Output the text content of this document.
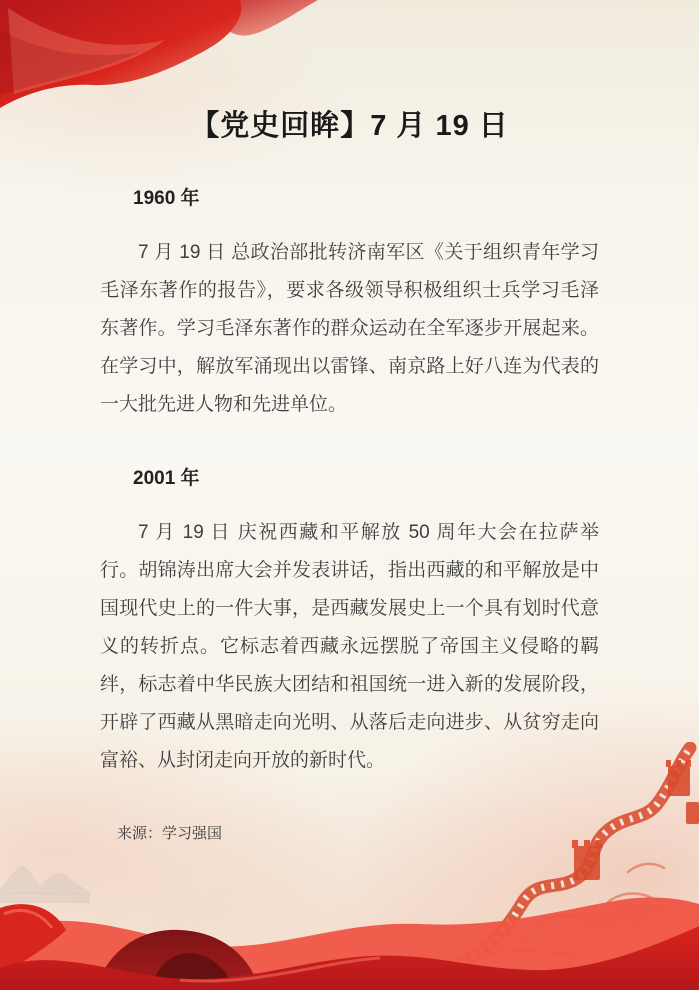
【党史回眸】7 月 19 日
1960 年
7 月 19 日 总政治部批转济南军区《关于组织青年学习毛泽东著作的报告》，要求各级领导积极组织士兵学习毛泽东著作。学习毛泽东著作的群众运动在全军逐步开展起来。在学习中，解放军涌现出以雷锋、南京路上好八连为代表的一大批先进人物和先进单位。
2001 年
7 月 19 日 庆祝西藏和平解放 50 周年大会在拉萨举行。胡锦涛出席大会并发表讲话，指出西藏的和平解放是中国现代史上的一件大事，是西藏发展史上一个具有划时代意义的转折点。它标志着西藏永远摆脱了帝国主义侵略的羁绊，标志着中华民族大团结和祖国统一进入新的发展阶段，开辟了西藏从黑暗走向光明、从落后走向进步、从贫穷走向富裕、从封闭走向开放的新时代。
来源：学习强国
